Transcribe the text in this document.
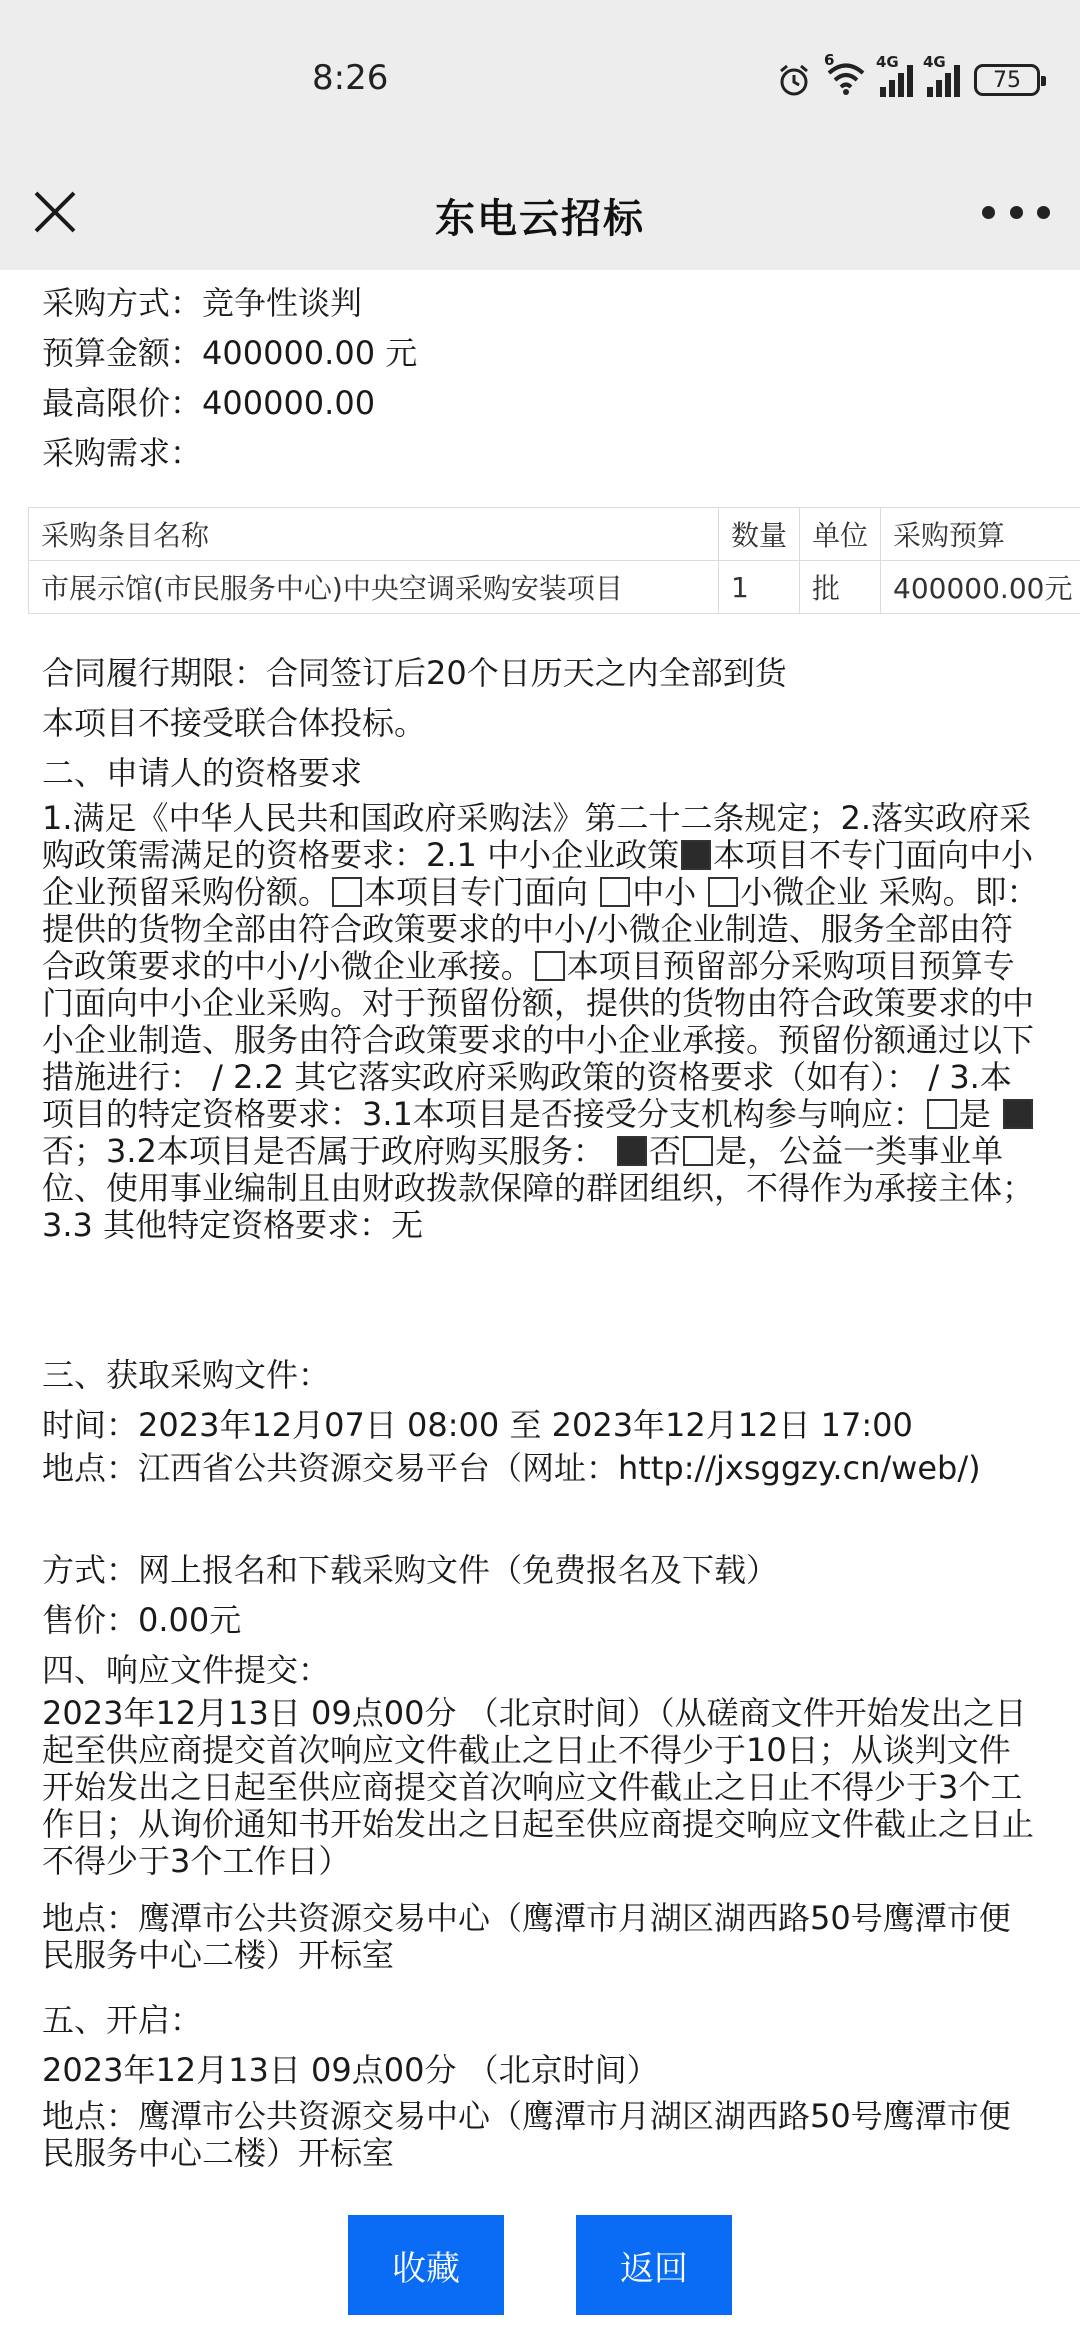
8:26	6	4G 4G
75
东电云招标
采购方式：竞争性谈判
预算金额：400000.00 元
最高限价：400000.00
采购需求：
采购条目名称	数量	单位	采购预算
市展示馆(市民服务中心)中央空调采购安装项目	1	批	400000.00元
合同履行期限：合同签订后20个日历天之内全部到货
本项目不接受联合体投标。
二、申请人的资格要求
1.满足《中华人民共和国政府采购法》第二十二条规定；2.落实政府采购政策需满足的资格要求：2.1 中小企业政策 本项目不专门面向中小企业预留采购份额。 本项目专门面向 中小 小微企业 采购。即：提供的货物全部由符合政策要求的中小/小微企业制造、服务全部由符合政策要求的中小/小微企业承接。 本项目预留部分采购项目预算专门面向中小企业采购。对于预留份额，提供的货物由符合政策要求的中小企业制造、服务由符合政策要求的中小企业承接。预留份额通过以下措施进行： / 2.2 其它落实政府采购政策的资格要求（如有）： / 3.本项目的特定资格要求：3.1本项目是否接受分支机构参与响应： 是 否；3.2本项目是否属于政府购买服务： 否 是，公益一类事业单位、使用事业编制且由财政拨款保障的群团组织，不得作为承接主体；3.3 其他特定资格要求：无
三、获取采购文件：
时间：2023年12月07日 08:00 至 2023年12月12日 17:00
地点：江西省公共资源交易平台（网址：http://jxsggzy.cn/web/)
方式：网上报名和下载采购文件（免费报名及下载）
售价：0.00元
四、响应文件提交：
2023年12月13日 09点00分 （北京时间）（从磋商文件开始发出之日起至供应商提交首次响应文件截止之日止不得少于10日；从谈判文件开始发出之日起至供应商提交首次响应文件截止之日止不得少于3个工作日；从询价通知书开始发出之日起至供应商提交响应文件截止之日止不得少于3个工作日）
地点：鹰潭市公共资源交易中心（鹰潭市月湖区湖西路50号鹰潭市便民服务中心二楼）开标室
五、开启：
2023年12月13日 09点00分 （北京时间）
地点：鹰潭市公共资源交易中心（鹰潭市月湖区湖西路50号鹰潭市便民服务中心二楼）开标室
收藏	返回
